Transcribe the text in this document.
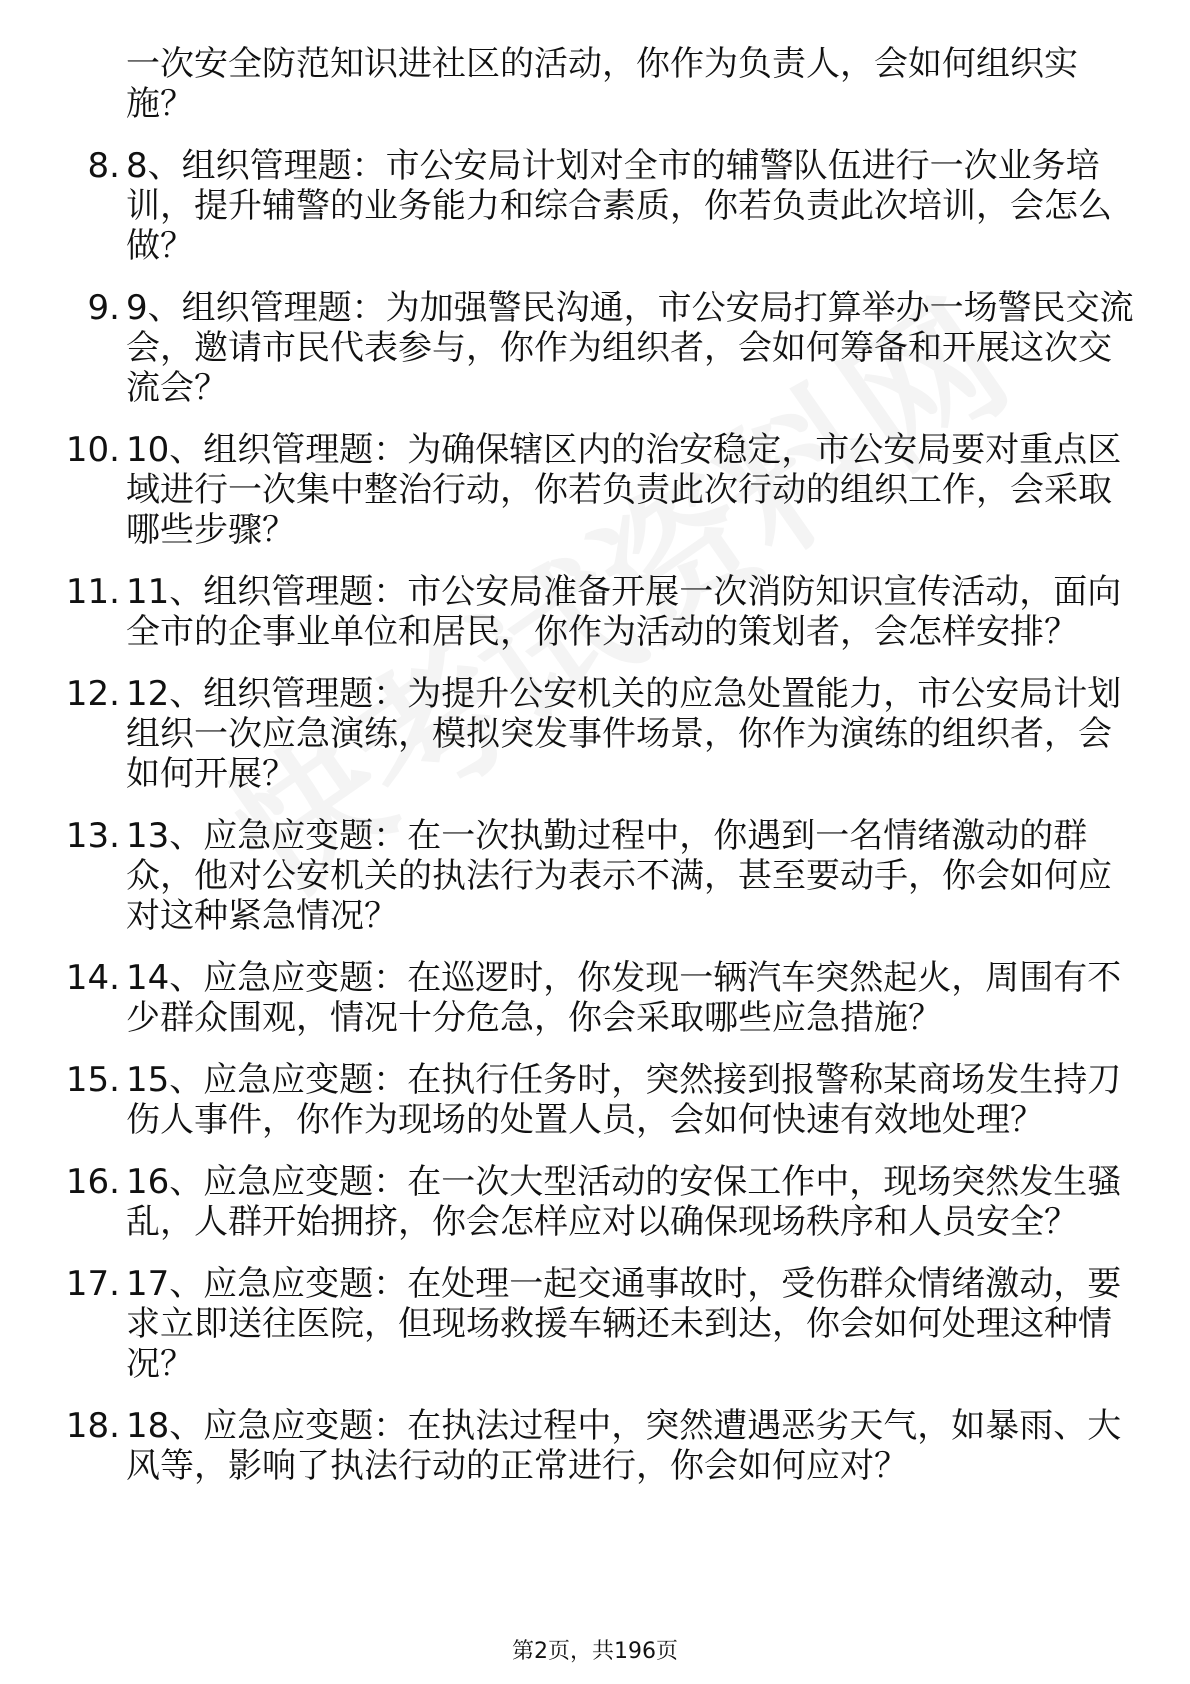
一次安全防范知识进社区的活动，你作为负责人，会如何组织实施？
8. 8、组织管理题：市公安局计划对全市的辅警队伍进行一次业务培训，提升辅警的业务能力和综合素质，你若负责此次培训，会怎么做？
9. 9、组织管理题：为加强警民沟通，市公安局打算举办一场警民交流会，邀请市民代表参与，你作为组织者，会如何筹备和开展这次交流会？
10. 10、组织管理题：为确保辖区内的治安稳定，市公安局要对重点区域进行一次集中整治行动，你若负责此次行动的组织工作，会采取哪些步骤？
11. 11、组织管理题：市公安局准备开展一次消防知识宣传活动，面向全市的企事业单位和居民，你作为活动的策划者，会怎样安排？
12. 12、组织管理题：为提升公安机关的应急处置能力，市公安局计划组织一次应急演练，模拟突发事件场景，你作为演练的组织者，会如何开展？
13. 13、应急应变题：在一次执勤过程中，你遇到一名情绪激动的群众，他对公安机关的执法行为表示不满，甚至要动手，你会如何应对这种紧急情况？
14. 14、应急应变题：在巡逻时，你发现一辆汽车突然起火，周围有不少群众围观，情况十分危急，你会采取哪些应急措施？
15. 15、应急应变题：在执行任务时，突然接到报警称某商场发生持刀伤人事件，你作为现场的处置人员，会如何快速有效地处理？
16. 16、应急应变题：在一次大型活动的安保工作中，现场突然发生骚乱，人群开始拥挤，你会怎样应对以确保现场秩序和人员安全？
17. 17、应急应变题：在处理一起交通事故时，受伤群众情绪激动，要求立即送往医院，但现场救援车辆还未到达，你会如何处理这种情况？
18. 18、应急应变题：在执法过程中，突然遭遇恶劣天气，如暴雨、大风等，影响了执法行动的正常进行，你会如何应对？
第2页，共196页
